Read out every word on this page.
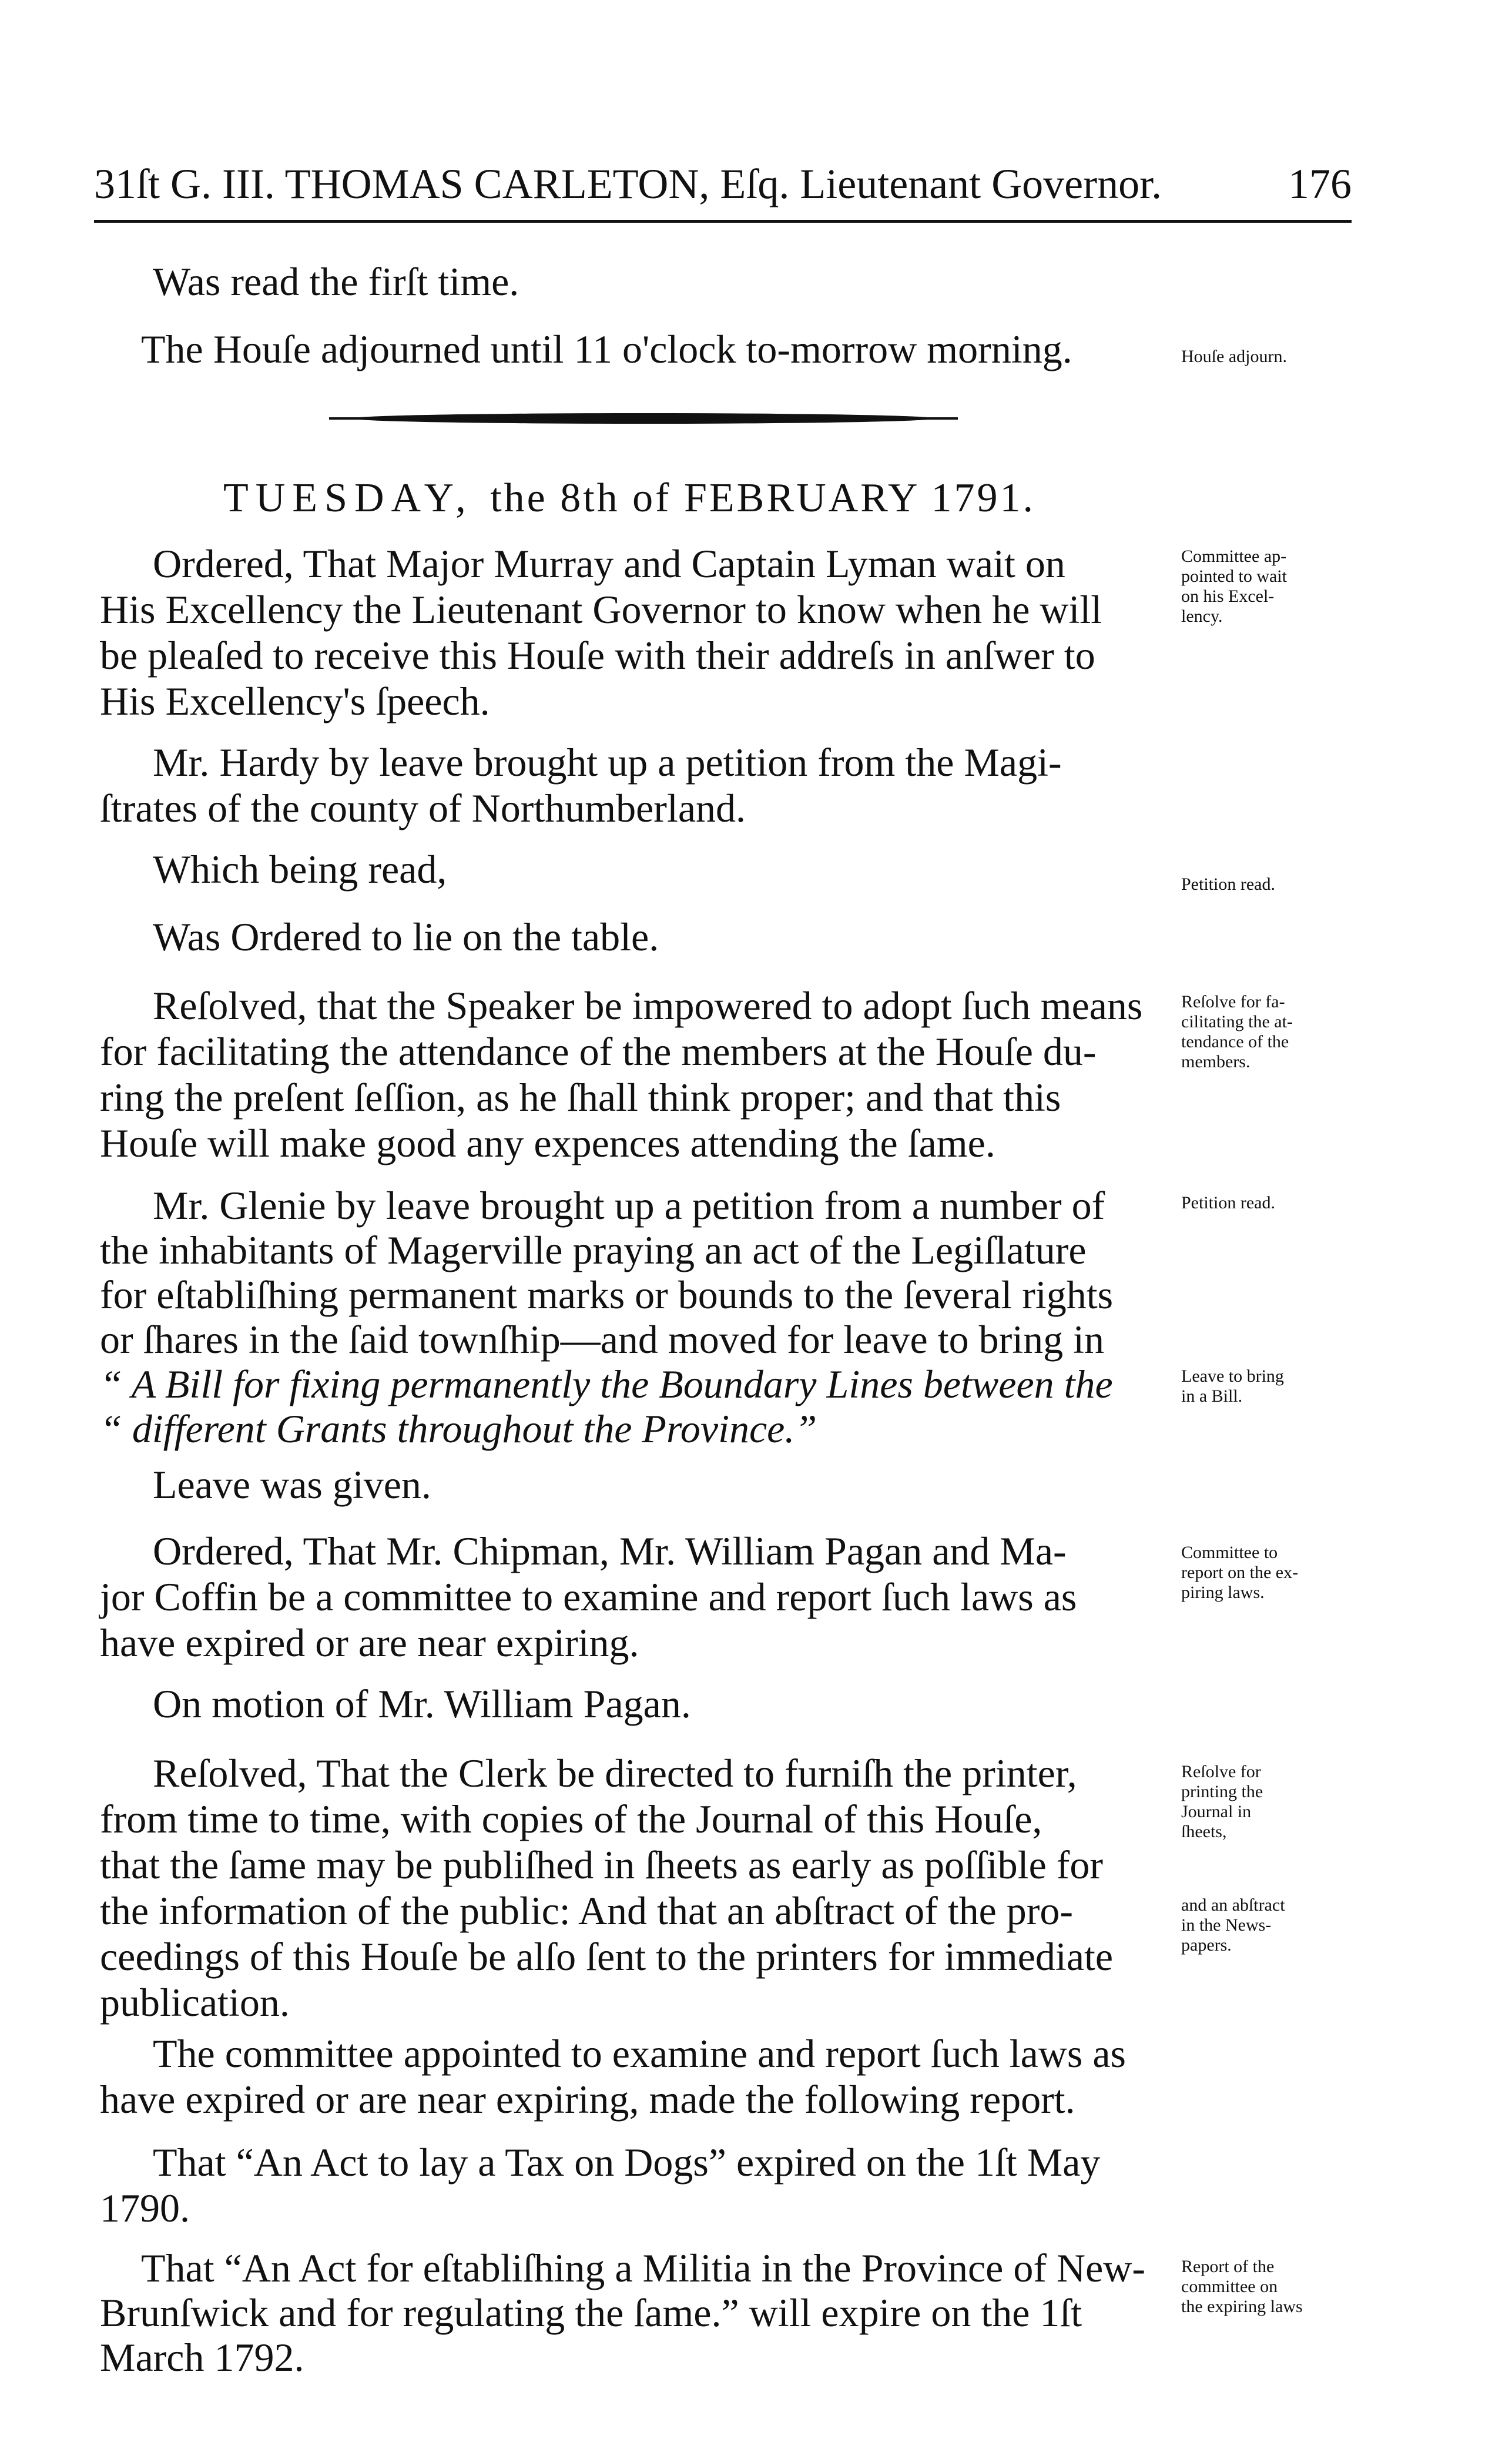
31ſt G. III. THOMAS CARLETON, Eſq. Lieutenant Governor.	176
Was read the firſt time.
The Houſe adjourned until 11 o'clock to-morrow morning.
TUESDAY, the 8th of FEBRUARY 1791.
Ordered, That Major Murray and Captain Lyman wait on
His Excellency the Lieutenant Governor to know when he will
be pleaſed to receive this Houſe with their addreſs in anſwer to
His Excellency's ſpeech.
Mr. Hardy by leave brought up a petition from the Magi-
ſtrates of the county of Northumberland.
Which being read,
Was Ordered to lie on the table.
Reſolved, that the Speaker be impowered to adopt ſuch means
for facilitating the attendance of the members at the Houſe du-
ring the preſent ſeſſion, as he ſhall think proper; and that this
Houſe will make good any expences attending the ſame.
Mr. Glenie by leave brought up a petition from a number of
the inhabitants of Magerville praying an act of the Legiſlature
for eſtabliſhing permanent marks or bounds to the ſeveral rights
or ſhares in the ſaid townſhip—and moved for leave to bring in
“ A Bill for fixing permanently the Boundary Lines between the
“ different Grants throughout the Province.”
Leave was given.
Ordered, That Mr. Chipman, Mr. William Pagan and Ma-
jor Coffin be a committee to examine and report ſuch laws as
have expired or are near expiring.
On motion of Mr. William Pagan.
Reſolved, That the Clerk be directed to furniſh the printer,
from time to time, with copies of the Journal of this Houſe,
that the ſame may be publiſhed in ſheets as early as poſſible for
the information of the public: And that an abſtract of the pro-
ceedings of this Houſe be alſo ſent to the printers for immediate
publication.
The committee appointed to examine and report ſuch laws as
have expired or are near expiring, made the following report.
That “An Act to lay a Tax on Dogs” expired on the 1ſt May
1790.
That “An Act for eſtabliſhing a Militia in the Province of New-
Brunſwick and for regulating the ſame.” will expire on the 1ſt
March 1792.
Houſe adjourn.
Committee ap-
pointed to wait
on his Excel-
lency.
Petition read.
Reſolve for fa-
cilitating the at-
tendance of the
members.
Petition read.
Leave to bring
in a Bill.
Committee to
report on the ex-
piring laws.
Reſolve for
printing the
Journal in
ſheets,
and an abſtract
in the News-
papers.
Report of the
committee on
the expiring laws
